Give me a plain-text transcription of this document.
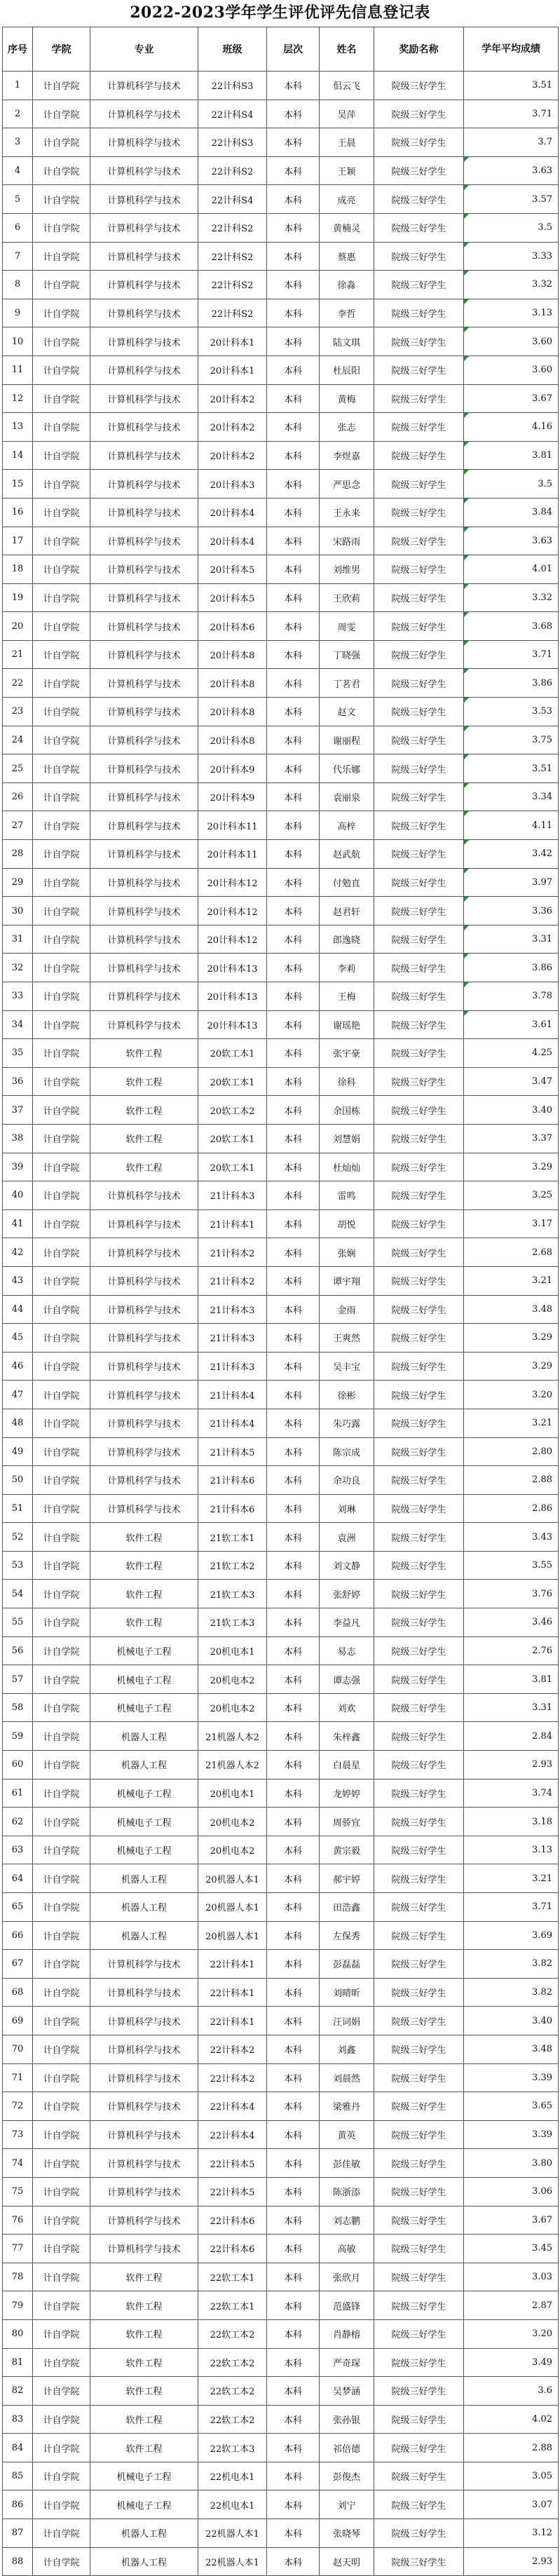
2022-2023学年学生评优评先信息登记表
序号	学院	专业	班级	层次	姓名	奖励名称	学年平均成绩
1	计自学院	计算机科学与技术	22计科S3	本科	佀云飞	院级三好学生	3.51
2	计自学院	计算机科学与技术	22计科S4	本科	吴萍	院级三好学生	3.71
3	计自学院	计算机科学与技术	22计科S3	本科	王晨	院级三好学生	3.7
4	计自学院	计算机科学与技术	22计科S2	本科	王颖	院级三好学生	3.63
5	计自学院	计算机科学与技术	22计科S4	本科	成亮	院级三好学生	3.57
6	计自学院	计算机科学与技术	22计科S2	本科	黄楠灵	院级三好学生	3.5
7	计自学院	计算机科学与技术	22计科S2	本科	蔡惠	院级三好学生	3.33
8	计自学院	计算机科学与技术	22计科S2	本科	徐淼	院级三好学生	3.32
9	计自学院	计算机科学与技术	22计科S2	本科	李哲	院级三好学生	3.13
10	计自学院	计算机科学与技术	20计科本1	本科	陆文琪	院级三好学生	3.60
11	计自学院	计算机科学与技术	20计科本1	本科	杜辰阳	院级三好学生	3.60
12	计自学院	计算机科学与技术	20计科本2	本科	黄梅	院级三好学生	3.67
13	计自学院	计算机科学与技术	20计科本2	本科	张志	院级三好学生	4.16
14	计自学院	计算机科学与技术	20计科本2	本科	李煜嘉	院级三好学生	3.81
15	计自学院	计算机科学与技术	20计科本3	本科	严思念	院级三好学生	3.5
16	计自学院	计算机科学与技术	20计科本4	本科	王永来	院级三好学生	3.84
17	计自学院	计算机科学与技术	20计科本4	本科	宋路雨	院级三好学生	3.63
18	计自学院	计算机科学与技术	20计科本5	本科	刘维男	院级三好学生	4.01
19	计自学院	计算机科学与技术	20计科本5	本科	王欣莉	院级三好学生	3.32
20	计自学院	计算机科学与技术	20计科本6	本科	周雯	院级三好学生	3.68
21	计自学院	计算机科学与技术	20计科本8	本科	丁晓强	院级三好学生	3.71
22	计自学院	计算机科学与技术	20计科本8	本科	丁茗君	院级三好学生	3.86
23	计自学院	计算机科学与技术	20计科本8	本科	赵文	院级三好学生	3.53
24	计自学院	计算机科学与技术	20计科本8	本科	谢丽程	院级三好学生	3.75
25	计自学院	计算机科学与技术	20计科本9	本科	代乐娜	院级三好学生	3.51
26	计自学院	计算机科学与技术	20计科本9	本科	袁丽泉	院级三好学生	3.34
27	计自学院	计算机科学与技术	20计科本11	本科	高梓	院级三好学生	4.11
28	计自学院	计算机科学与技术	20计科本11	本科	赵武航	院级三好学生	3.42
29	计自学院	计算机科学与技术	20计科本12	本科	付勉直	院级三好学生	3.97
30	计自学院	计算机科学与技术	20计科本12	本科	赵君轩	院级三好学生	3.36
31	计自学院	计算机科学与技术	20计科本12	本科	郎逸晓	院级三好学生	3.31
32	计自学院	计算机科学与技术	20计科本13	本科	李莉	院级三好学生	3.86
33	计自学院	计算机科学与技术	20计科本13	本科	王梅	院级三好学生	3.78
34	计自学院	计算机科学与技术	20计科本13	本科	谢瑶艳	院级三好学生	3.61
35	计自学院	软件工程	20软工本1	本科	张宇豪	院级三好学生	4.25
36	计自学院	软件工程	20软工本1	本科	徐科	院级三好学生	3.47
37	计自学院	软件工程	20软工本2	本科	余国栋	院级三好学生	3.40
38	计自学院	软件工程	20软工本1	本科	刘慧娟	院级三好学生	3.37
39	计自学院	软件工程	20软工本1	本科	杜灿灿	院级三好学生	3.29
40	计自学院	计算机科学与技术	21计科本3	本科	雷鸣	院级三好学生	3.25
41	计自学院	计算机科学与技术	21计科本1	本科	胡悦	院级三好学生	3.17
42	计自学院	计算机科学与技术	21计科本2	本科	张娴	院级三好学生	2.68
43	计自学院	计算机科学与技术	21计科本2	本科	谭宇翔	院级三好学生	3.21
44	计自学院	计算机科学与技术	21计科本3	本科	金雨	院级三好学生	3.48
45	计自学院	计算机科学与技术	21计科本3	本科	王爽然	院级三好学生	3.29
46	计自学院	计算机科学与技术	21计科本3	本科	吴丰宝	院级三好学生	3.29
47	计自学院	计算机科学与技术	21计科本4	本科	徐彬	院级三好学生	3.20
48	计自学院	计算机科学与技术	21计科本4	本科	朱巧露	院级三好学生	3.21
49	计自学院	计算机科学与技术	21计科本5	本科	陈宗成	院级三好学生	2.80
50	计自学院	计算机科学与技术	21计科本6	本科	余功良	院级三好学生	2.88
51	计自学院	计算机科学与技术	21计科本6	本科	刘琳	院级三好学生	2.86
52	计自学院	软件工程	21软工本1	本科	袁洲	院级三好学生	3.43
53	计自学院	软件工程	21软工本2	本科	刘文静	院级三好学生	3.55
54	计自学院	软件工程	21软工本3	本科	张舒婷	院级三好学生	3.76
55	计自学院	软件工程	21软工本3	本科	李益凡	院级三好学生	3.46
56	计自学院	机械电子工程	20机电本1	本科	易志	院级三好学生	2.76
57	计自学院	机械电子工程	20机电本2	本科	谭志强	院级三好学生	3.81
58	计自学院	机械电子工程	20机电本2	本科	刘欢	院级三好学生	3.31
59	计自学院	机器人工程	21机器人本2	本科	朱梓鑫	院级三好学生	2.84
60	计自学院	机器人工程	21机器人本2	本科	白晨星	院级三好学生	2.93
61	计自学院	机械电子工程	20机电本1	本科	龙婷婷	院级三好学生	3.74
62	计自学院	机械电子工程	20机电本2	本科	周骄宜	院级三好学生	3.18
63	计自学院	机械电子工程	20机电本2	本科	黄宗毅	院级三好学生	3.13
64	计自学院	机器人工程	20机器人本1	本科	郝宇婷	院级三好学生	3.21
65	计自学院	机器人工程	20机器人本1	本科	田浩鑫	院级三好学生	3.71
66	计自学院	机器人工程	20机器人本1	本科	左保秀	院级三好学生	3.69
67	计自学院	计算机科学与技术	22计科本1	本科	彭磊磊	院级三好学生	3.82
68	计自学院	计算机科学与技术	22计科本1	本科	刘晴昕	院级三好学生	3.82
69	计自学院	计算机科学与技术	22计科本1	本科	汪词娟	院级三好学生	3.40
70	计自学院	计算机科学与技术	22计科本2	本科	刘鑫	院级三好学生	3.48
71	计自学院	计算机科学与技术	22计科本2	本科	刘晨然	院级三好学生	3.39
72	计自学院	计算机科学与技术	22计科本4	本科	梁雅丹	院级三好学生	3.65
73	计自学院	计算机科学与技术	22计科本4	本科	黄英	院级三好学生	3.39
74	计自学院	计算机科学与技术	22计科本5	本科	彭佳敏	院级三好学生	3.80
75	计自学院	计算机科学与技术	22计科本5	本科	陈浙添	院级三好学生	3.06
76	计自学院	计算机科学与技术	22计科本6	本科	刘志鹏	院级三好学生	3.67
77	计自学院	计算机科学与技术	22计科本6	本科	高敏	院级三好学生	3.45
78	计自学院	软件工程	22软工本1	本科	张欣月	院级三好学生	3.03
79	计自学院	软件工程	22软工本1	本科	范盛锋	院级三好学生	2.87
80	计自学院	软件工程	22软工本2	本科	肖静榕	院级三好学生	3.20
81	计自学院	软件工程	22软工本2	本科	严奇琛	院级三好学生	3.49
82	计自学院	软件工程	22软工本2	本科	吴梦涵	院级三好学生	3.6
83	计自学院	软件工程	22软工本2	本科	张孙银	院级三好学生	4.02
84	计自学院	软件工程	22软工本3	本科	祁倍德	院级三好学生	2.88
85	计自学院	机械电子工程	22机电本1	本科	彭俊杰	院级三好学生	3.05
86	计自学院	机械电子工程	22机电本1	本科	刘宁	院级三好学生	3.07
87	计自学院	机器人工程	22机器人本1	本科	张晓琴	院级三好学生	3.12
88	计自学院	机器人工程	22机器人本1	本科	赵天明	院级三好学生	2.93
